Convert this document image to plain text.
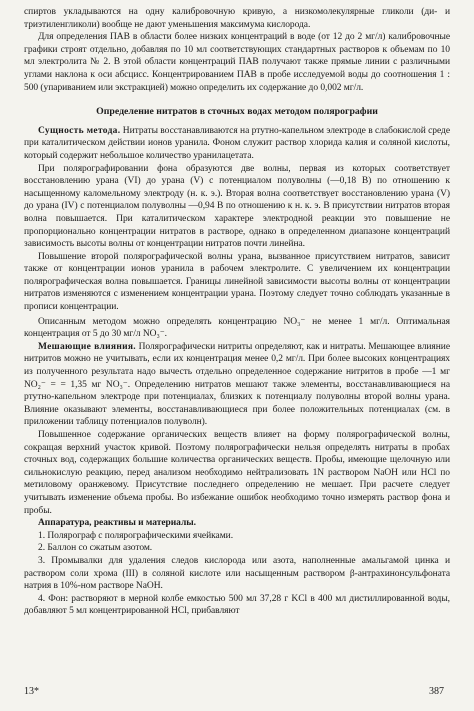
спиртов укладываются на одну калибровочную кривую, а низкомолекулярные гликоли (ди- и триэтиленгликоли) вообще не дают уменьшения максимума кислорода.

Для определения ПАВ в области более низких концентраций в воде (от 12 до 2 мг/л) калибровочные графики строят отдельно, добавляя по 10 мл соответствующих стандартных растворов к объемам по 10 мл электролита № 2. В этой области концентраций ПАВ получают также прямые линии с различными углами наклона к оси абсцисс. Концентрированием ПАВ в пробе исследуемой воды до соотношения 1 : 500 (упариванием или экстракцией) можно определить их содержание до 0,002 мг/л.

Определение нитратов в сточных водах методом полярографии

Сущность метода. Нитраты восстанавливаются на ртутно-капельном электроде в слабокислой среде при каталитическом действии ионов уранила. Фоном служит раствор хлорида калия и соляной кислоты, который содержит небольшое количество уранилацетата.

При полярографировании фона образуются две волны, первая из которых соответствует восстановлению урана (VI) до урана (V) с потенциалом полуволны (—0,18 В) по отношению к насыщенному каломельному электроду (н. к. э.). Вторая волна соответствует восстановлению урана (V) до урана (IV) с потенциалом полуволны —0,94 В по отношению к н. к. э. В присутствии нитратов вторая волна повышается. При каталитическом характере электродной реакции это повышение не пропорционально концентрации нитратов в растворе, однако в определенном диапазоне концентраций зависимость высоты волны от концентрации нитратов почти линейна.

Повышение второй полярографической волны урана, вызванное присутствием нитратов, зависит также от концентрации ионов уранила в рабочем электролите. С увеличением их концентрации полярографическая волна повышается. Границы линейной зависимости высоты волны от концентрации нитратов изменяются с изменением концентрации урана. Поэтому следует точно соблюдать указанные в прописи концентрации.

Описанным методом можно определять концентрацию NO₃⁻ не менее 1 мг/л. Оптимальная концентрация от 5 до 30 мг/л NO₃⁻.

Мешающие влияния. Полярографически нитриты определяют, как и нитраты. Мешающее влияние нитритов можно не учитывать, если их концентрация менее 0,2 мг/л. При более высоких концентрациях из полученного результата надо вычесть отдельно определенное содержание нитритов в пробе —1 мг NO₂⁻ = = 1,35 мг NO₃⁻. Определению нитратов мешают также элементы, восстанавливающиеся на ртутно-капельном электроде при потенциалах, близких к потенциалу полуволны второй волны урана. Влияние оказывают элементы, восстанавливающиеся при более положительных потенциалах (см. в приложении таблицу потенциалов полуволн).

Повышенное содержание органических веществ влияет на форму полярографической волны, сокращая верхний участок кривой. Поэтому полярографически нельзя определять нитраты в пробах сточных вод, содержащих большие количества органических веществ. Пробы, имеющие щелочную или сильнокислую реакцию, перед анализом необходимо нейтрализовать 1N раствором NaOH или HCl по метиловому оранжевому. Присутствие последнего определению не мешает. При расчете следует учитывать изменение объема пробы. Во избежание ошибок необходимо точно измерять раствор фона и пробы.

Аппаратура, реактивы и материалы.

1. Полярограф с полярографическими ячейками.

2. Баллон со сжатым азотом.

3. Промывалки для удаления следов кислорода или азота, наполненные амальгамой цинка и раствором соли хрома (III) в соляной кислоте или насыщенным раствором β-антрахинонсульфоната натрия в 10%-ном растворе NaOH.

4. Фон: растворяют в мерной колбе емкостью 500 мл 37,28 г KCl в 400 мл дистиллированной воды, добавляют 5 мл концентрированной HCl, прибавляют

13*	387
